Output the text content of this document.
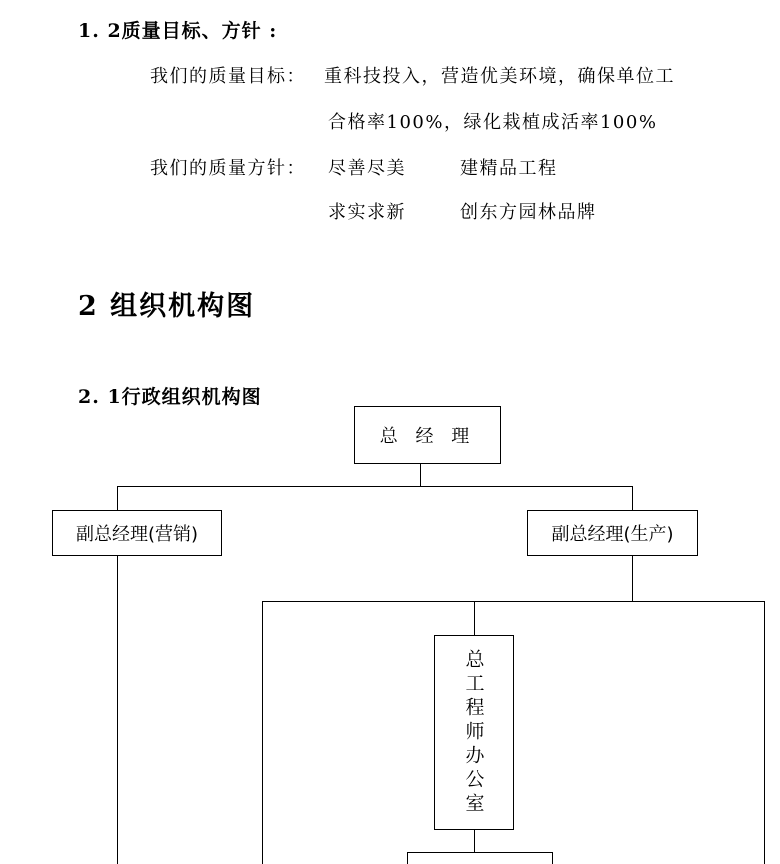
1. 2质量目标、方针 :
我们的质量目标： 重科技投入，营造优美环境，确保单位工
合格率100%，绿化栽植成活率100%
我们的质量方针： 尽善尽美	建精品工程
求实求新	创东方园林品牌
2 组织机构图
2. 1行政组织机构图
总 经 理
副总经理(营销)	副总经理(生产)
总工程师办公室
